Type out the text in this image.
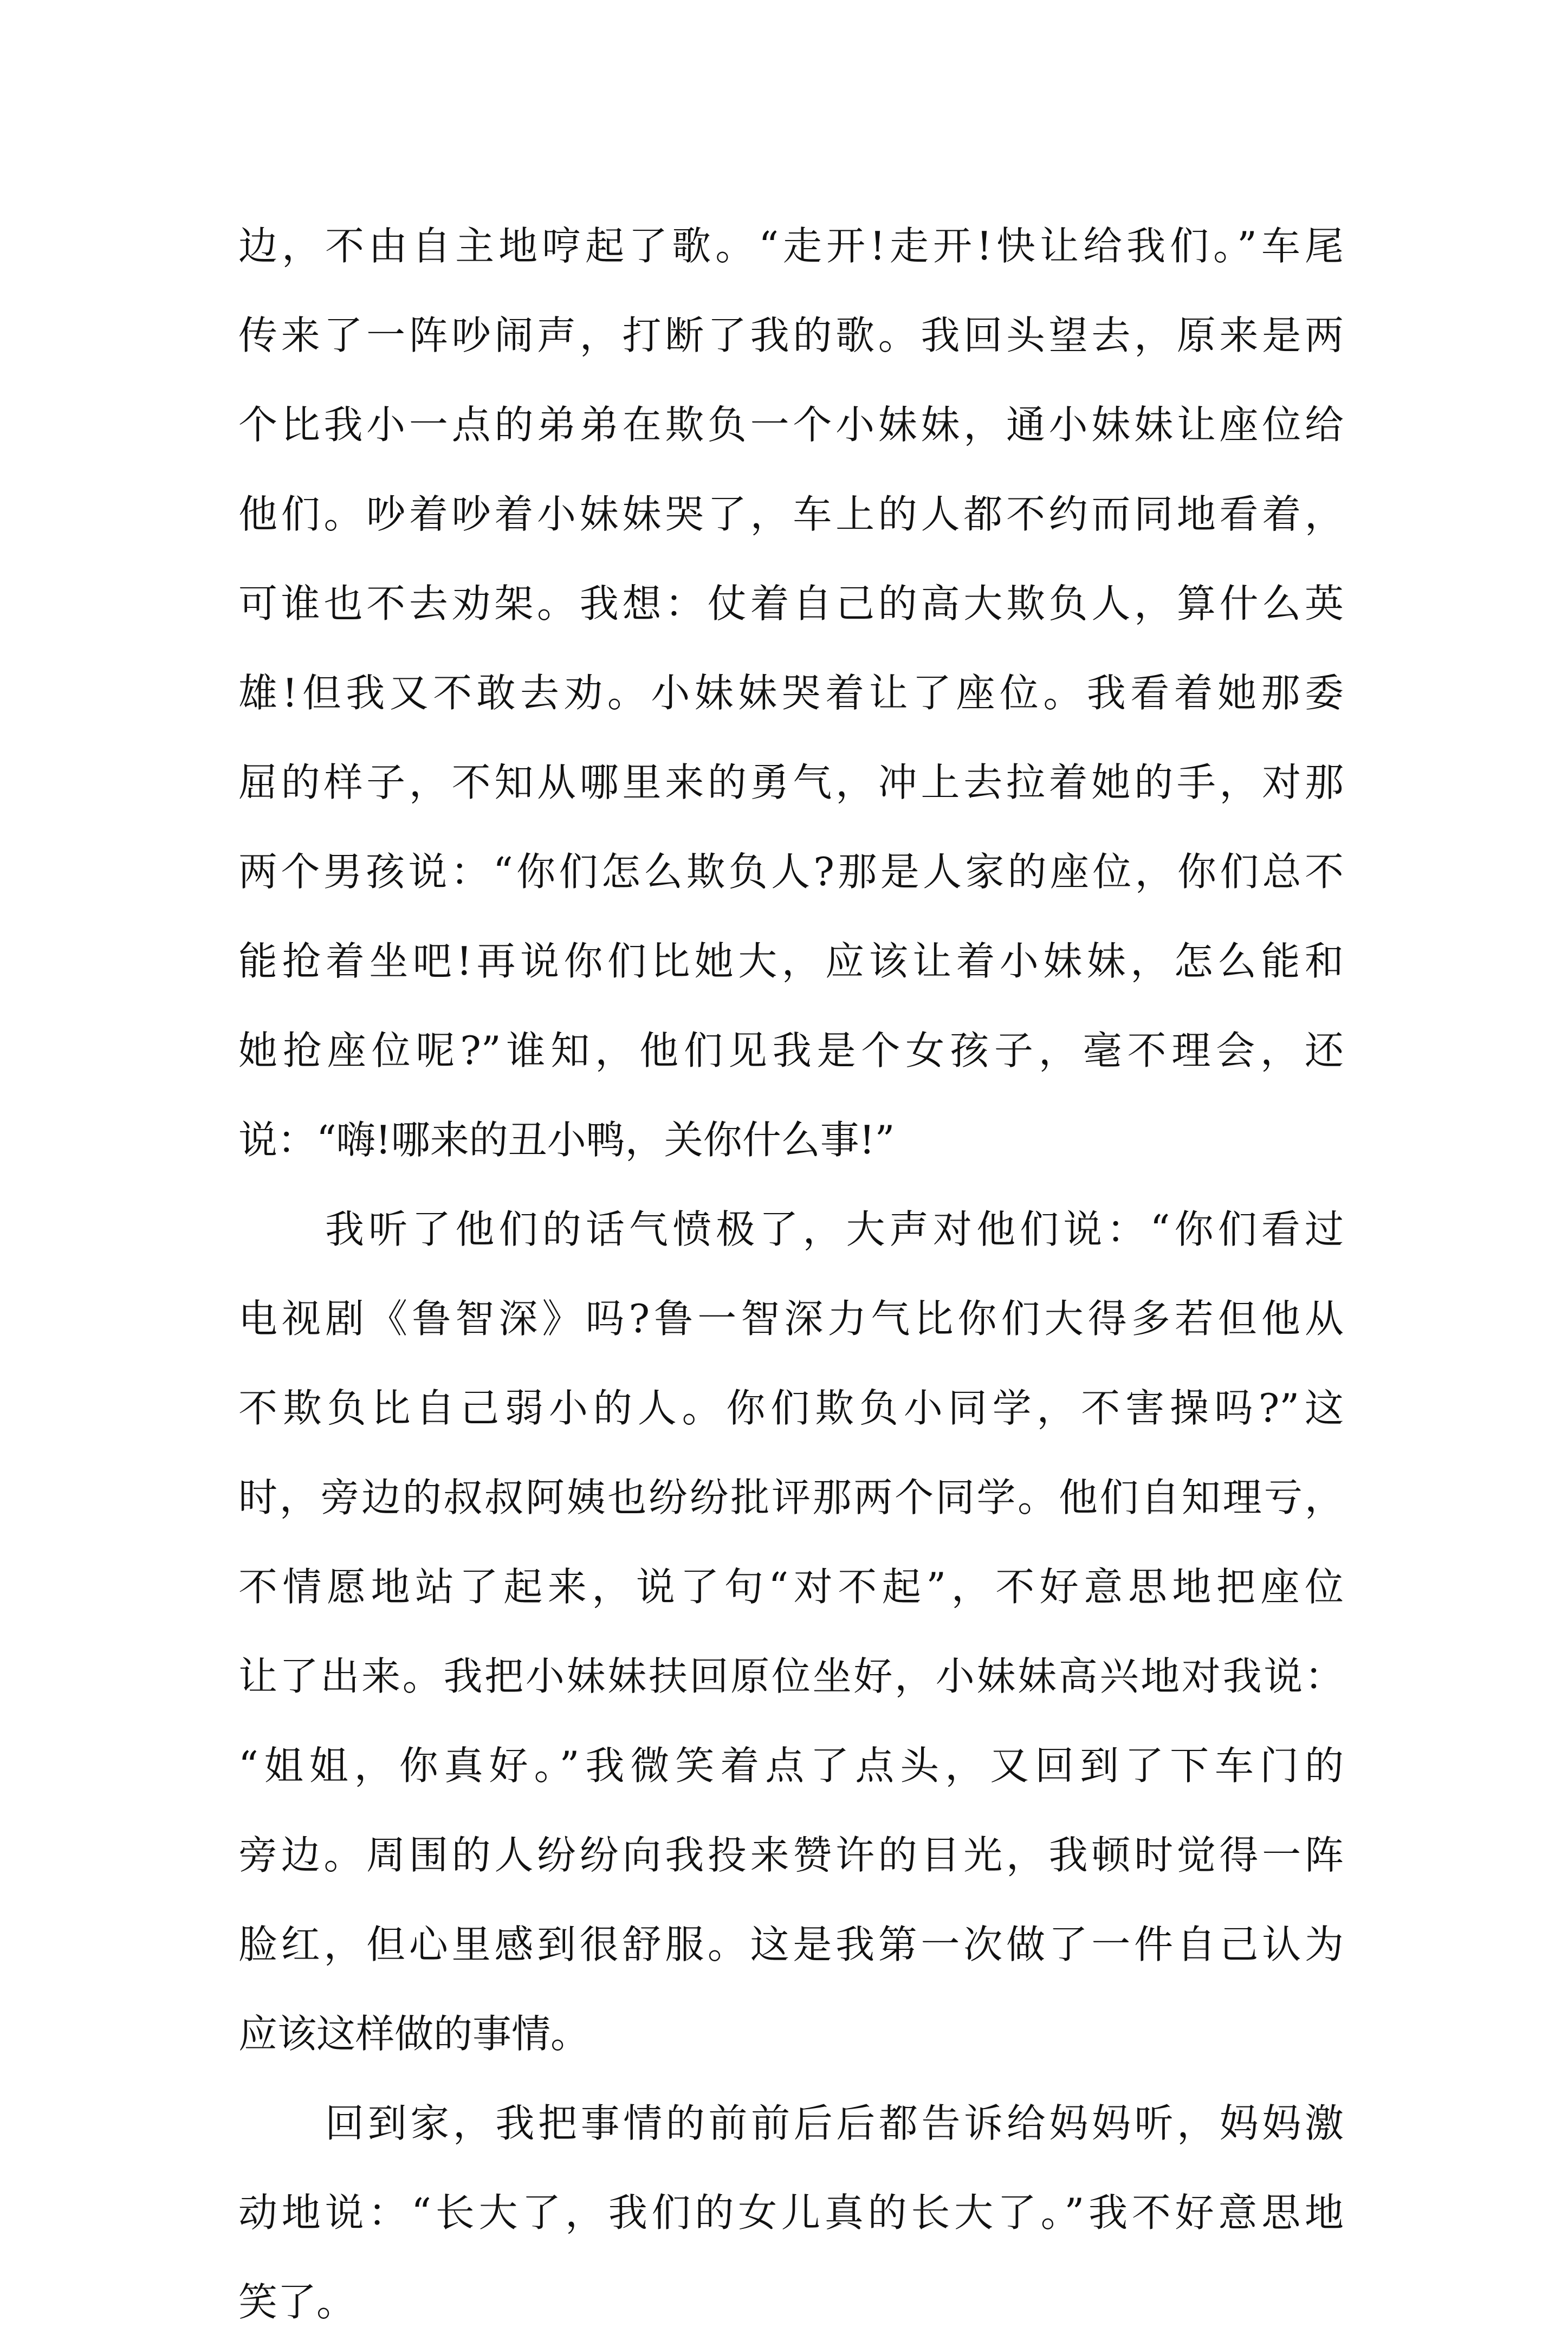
边，不由自主地哼起了歌。“走开!走开!快让给我们。”车尾
传来了一阵吵闹声，打断了我的歌。我回头望去，原来是两
个比我小一点的弟弟在欺负一个小妹妹，通小妹妹让座位给
他们。吵着吵着小妹妹哭了，车上的人都不约而同地看着，
可谁也不去劝架。我想：仗着自己的高大欺负人，算什么英
雄!但我又不敢去劝。小妹妹哭着让了座位。我看着她那委
屈的样子，不知从哪里来的勇气，冲上去拉着她的手，对那
两个男孩说：“你们怎么欺负人?那是人家的座位，你们总不
能抢着坐吧!再说你们比她大，应该让着小妹妹，怎么能和
她抢座位呢?”谁知，他们见我是个女孩子，毫不理会，还
说：“嗨!哪来的丑小鸭，关你什么事!”
我听了他们的话气愤极了，大声对他们说：“你们看过
电视剧《鲁智深》吗?鲁一智深力气比你们大得多若但他从
不欺负比自己弱小的人。你们欺负小同学，不害操吗?”这
时，旁边的叔叔阿姨也纷纷批评那两个同学。他们自知理亏，
不情愿地站了起来，说了句“对不起”，不好意思地把座位
让了出来。我把小妹妹扶回原位坐好，小妹妹高兴地对我说：
“姐姐，你真好。”我微笑着点了点头，又回到了下车门的
旁边。周围的人纷纷向我投来赞许的目光，我顿时觉得一阵
脸红，但心里感到很舒服。这是我第一次做了一件自己认为
应该这样做的事情。
回到家，我把事情的前前后后都告诉给妈妈听，妈妈激
动地说：“长大了，我们的女儿真的长大了。”我不好意思地
笑了。
